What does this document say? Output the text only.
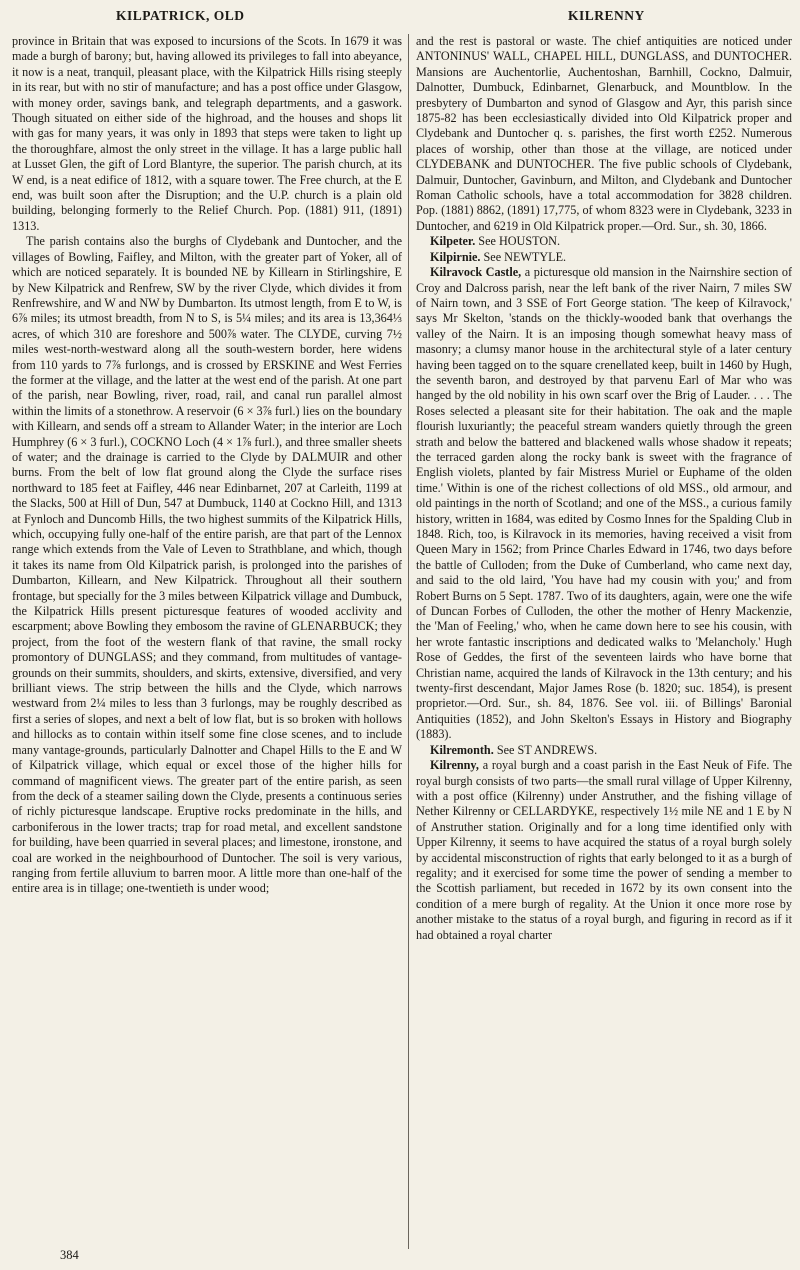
KILPATRICK, OLD	KILRENNY

province in Britain that was exposed to incursions of the Scots. In 1679 it was made a burgh of barony; but, having allowed its privileges to fall into abeyance, it now is a neat, tranquil, pleasant place, with the Kilpatrick Hills rising steeply in its rear, but with no stir of manufacture; and has a post office under Glasgow, with money order, savings bank, and telegraph departments, and a gaswork. Though situated on either side of the highroad, and the houses and shops lit with gas for many years, it was only in 1893 that steps were taken to light up the thoroughfare, almost the only street in the village. It has a large public hall at Lusset Glen, the gift of Lord Blantyre, the superior. The parish church, at its W end, is a neat edifice of 1812, with a square tower. The Free church, at the E end, was built soon after the Disruption; and the U.P. church is a plain old building, belonging formerly to the Relief Church. Pop. (1881) 911, (1891) 1313.

The parish contains also the burghs of Clydebank and Duntocher, and the villages of Bowling, Faifley, and Milton, with the greater part of Yoker, all of which are noticed separately. It is bounded NE by Killearn in Stirlingshire, E by New Kilpatrick and Renfrew, SW by the river Clyde, which divides it from Renfrewshire, and W and NW by Dumbarton. Its utmost length, from E to W, is 6⅞ miles; its utmost breadth, from N to S, is 5¼ miles; and its area is 13,364⅓ acres, of which 310 are foreshore and 500⅞ water. The CLYDE, curving 7½ miles west-north-westward along all the south-western border, here widens from 110 yards to 7⅞ furlongs, and is crossed by ERSKINE and West Ferries the former at the village, and the latter at the west end of the parish. At one part of the parish, near Bowling, river, road, rail, and canal run parallel almost within the limits of a stonethrow. A reservoir (6 × 3⅞ furl.) lies on the boundary with Killearn, and sends off a stream to Allander Water; in the interior are Loch Humphrey (6 × 3 furl.), COCKNO Loch (4 × 1⅞ furl.), and three smaller sheets of water; and the drainage is carried to the Clyde by DALMUIR and other burns. From the belt of low flat ground along the Clyde the surface rises northward to 185 feet at Faifley, 446 near Edinbarnet, 207 at Carleith, 1199 at the Slacks, 500 at Hill of Dun, 547 at Dumbuck, 1140 at Cockno Hill, and 1313 at Fynloch and Duncomb Hills, the two highest summits of the Kilpatrick Hills, which, occupying fully one-half of the entire parish, are that part of the Lennox range which extends from the Vale of Leven to Strathblane, and which, though it takes its name from Old Kilpatrick parish, is prolonged into the parishes of Dumbarton, Killearn, and New Kilpatrick. Throughout all their southern frontage, but specially for the 3 miles between Kilpatrick village and Dumbuck, the Kilpatrick Hills present picturesque features of wooded acclivity and escarpment; above Bowling they embosom the ravine of GLENARBUCK; they project, from the foot of the western flank of that ravine, the small rocky promontory of DUNGLASS; and they command, from multitudes of vantage-grounds on their summits, shoulders, and skirts, extensive, diversified, and very brilliant views. The strip between the hills and the Clyde, which narrows westward from 2¼ miles to less than 3 furlongs, may be roughly described as first a series of slopes, and next a belt of low flat, but is so broken with hollows and hillocks as to contain within itself some fine close scenes, and to include many vantage-grounds, particularly Dalnotter and Chapel Hills to the E and W of Kilpatrick village, which equal or excel those of the higher hills for command of magnificent views. The greater part of the entire parish, as seen from the deck of a steamer sailing down the Clyde, presents a continuous series of richly picturesque landscape. Eruptive rocks predominate in the hills, and carboniferous in the lower tracts; trap for road metal, and excellent sandstone for building, have been quarried in several places; and limestone, ironstone, and coal are worked in the neighbourhood of Duntocher. The soil is very various, ranging from fertile alluvium to barren moor. A little more than one-half of the entire area is in tillage; one-twentieth is under wood;

and the rest is pastoral or waste. The chief antiquities are noticed under ANTONINUS' WALL, CHAPEL HILL, DUNGLASS, and DUNTOCHER. Mansions are Auchentorlie, Auchentoshan, Barnhill, Cockno, Dalmuir, Dalnotter, Dumbuck, Edinbarnet, Glenarbuck, and Mountblow. In the presbytery of Dumbarton and synod of Glasgow and Ayr, this parish since 1875-82 has been ecclesiastically divided into Old Kilpatrick proper and Clydebank and Duntocher q. s. parishes, the first worth £252. Numerous places of worship, other than those at the village, are noticed under CLYDEBANK and DUNTOCHER. The five public schools of Clydebank, Dalmuir, Duntocher, Gavinburn, and Milton, and Clydebank and Duntocher Roman Catholic schools, have a total accommodation for 3828 children. Pop. (1881) 8862, (1891) 17,775, of whom 8323 were in Clydebank, 3233 in Duntocher, and 6219 in Old Kilpatrick proper.—Ord. Sur., sh. 30, 1866.

Kilpeter. See HOUSTON.

Kilpirnie. See NEWTYLE.

Kilravock Castle, a picturesque old mansion in the Nairnshire section of Croy and Dalcross parish, near the left bank of the river Nairn, 7 miles SW of Nairn town, and 3 SSE of Fort George station. 'The keep of Kilravock,' says Mr Skelton, 'stands on the thickly-wooded bank that overhangs the valley of the Nairn. It is an imposing though somewhat heavy mass of masonry; a clumsy manor house in the architectural style of a later century having been tagged on to the square crenellated keep, built in 1460 by Hugh, the seventh baron, and destroyed by that parvenu Earl of Mar who was hanged by the old nobility in his own scarf over the Brig of Lauder. . . . The Roses selected a pleasant site for their habitation. The oak and the maple flourish luxuriantly; the peaceful stream wanders quietly through the green strath and below the battered and blackened walls whose shadow it repeats; the terraced garden along the rocky bank is sweet with the fragrance of English violets, planted by fair Mistress Muriel or Euphame of the olden time.' Within is one of the richest collections of old MSS., old armour, and old paintings in the north of Scotland; and one of the MSS., a curious family history, written in 1684, was edited by Cosmo Innes for the Spalding Club in 1848. Rich, too, is Kilravock in its memories, having received a visit from Queen Mary in 1562; from Prince Charles Edward in 1746, two days before the battle of Culloden; from the Duke of Cumberland, who came next day, and said to the old laird, 'You have had my cousin with you;' and from Robert Burns on 5 Sept. 1787. Two of its daughters, again, were one the wife of Duncan Forbes of Culloden, the other the mother of Henry Mackenzie, the 'Man of Feeling,' who, when he came down here to see his cousin, with her wrote fantastic inscriptions and dedicated walks to 'Melancholy.' Hugh Rose of Geddes, the first of the seventeen lairds who have borne that Christian name, acquired the lands of Kilravock in the 13th century; and his twenty-first descendant, Major James Rose (b. 1820; suc. 1854), is present proprietor.—Ord. Sur., sh. 84, 1876. See vol. iii. of Billings' Baronial Antiquities (1852), and John Skelton's Essays in History and Biography (1883).

Kilremonth. See ST ANDREWS.

Kilrenny, a royal burgh and a coast parish in the East Neuk of Fife. The royal burgh consists of two parts—the small rural village of Upper Kilrenny, with a post office (Kilrenny) under Anstruther, and the fishing village of Nether Kilrenny or CELLARDYKE, respectively 1½ mile NE and 1 E by N of Anstruther station. Originally and for a long time identified only with Upper Kilrenny, it seems to have acquired the status of a royal burgh solely by accidental misconstruction of rights that early belonged to it as a burgh of regality; and it exercised for some time the power of sending a member to the Scottish parliament, but receded in 1672 by its own consent into the condition of a mere burgh of regality. At the Union it once more rose by another mistake to the status of a royal burgh, and figuring in record as if it had obtained a royal charter

384
